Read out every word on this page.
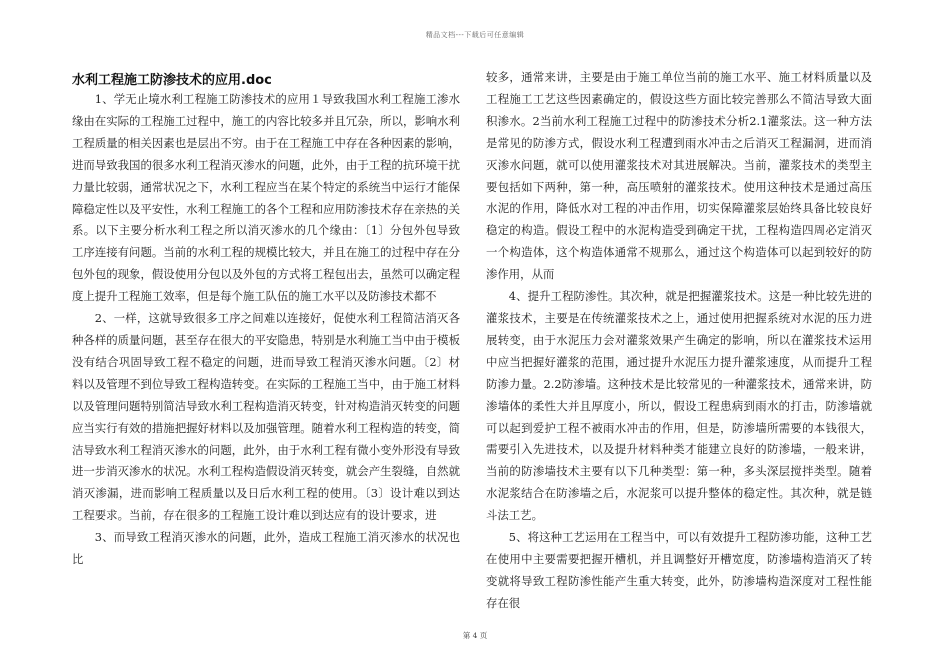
精品文档---下载后可任意编辑
水利工程施工防渗技术的应用.doc

1、学无止境水利工程施工防渗技术的应用１导致我国水利工程施工渗水缘由在实际的工程施工过程中，施工的内容比较多并且冗杂，所以，影响水利工程质量的相关因素也是层出不穷。由于在工程施工中存在各种因素的影响，进而导致我国的很多水利工程消灭渗水的问题，此外，由于工程的抗环境干扰力量比较弱，通常状况之下，水利工程应当在某个特定的系统当中运行才能保障稳定性以及平安性，水利工程施工的各个工程和应用防渗技术存在亲热的关系。以下主要分析水利工程之所以消灭渗水的几个缘由：〔1〕分包外包导致工序连接有问题。当前的水利工程的规模比较大，并且在施工的过程中存在分包外包的现象，假设使用分包以及外包的方式将工程包出去，虽然可以确定程度上提升工程施工效率，但是每个施工队伍的施工水平以及防渗技术都不

2、一样，这就导致很多工序之间难以连接好，促使水利工程简洁消灭各种各样的质量问题，甚至存在很大的平安隐患，特别是水利施工当中由于模板没有结合巩固导致工程不稳定的问题，进而导致工程消灭渗水问题。〔2〕材料以及管理不到位导致工程构造转变。在实际的工程施工当中，由于施工材料以及管理问题特别简洁导致水利工程构造消灭转变，针对构造消灭转变的问题应当实行有效的措施把握好材料以及加强管理。随着水利工程构造的转变，简洁导致水利工程消灭渗水的问题，此外，由于水利工程有微小变外形没有导致进一步消灭渗水的状况。水利工程构造假设消灭转变，就会产生裂缝，自然就消灭渗漏，进而影响工程质量以及日后水利工程的使用。〔3〕设计难以到达工程要求。当前，存在很多的工程施工设计难以到达应有的设计要求，进

3、而导致工程消灭渗水的问题，此外，造成工程施工消灭渗水的状况也比

较多，通常来讲，主要是由于施工单位当前的施工水平、施工材料质量以及工程施工工艺这些因素确定的，假设这些方面比较完善那么不简洁导致大面积渗水。2当前水利工程施工过程中的防渗技术分析2.1灌浆法。这一种方法是常见的防渗方式，假设水利工程遭到雨水冲击之后消灭工程漏洞，进而消灭渗水问题，就可以使用灌浆技术对其进展解决。当前，灌浆技术的类型主要包括如下两种，第一种，高压喷射的灌浆技术。使用这种技术是通过高压水泥的作用，降低水对工程的冲击作用，切实保障灌浆层始终具备比较良好稳定的构造。假设工程中的水泥构造受到确定干扰，工程构造四周必定消灭一个构造体，这个构造体通常不规那么，通过这个构造体可以起到较好的防渗作用，从而

4、提升工程防渗性。其次种，就是把握灌浆技术。这是一种比较先进的灌浆技术，主要是在传统灌浆技术之上，通过使用把握系统对水泥的压力进展转变，由于水泥压力会对灌浆效果产生确定的影响，所以在灌浆技术运用中应当把握好灌浆的范围，通过提升水泥压力提升灌浆速度，从而提升工程防渗力量。2.2防渗墙。这种技术是比较常见的一种灌浆技术，通常来讲，防渗墙体的柔性大并且厚度小，所以，假设工程患病到雨水的打击，防渗墙就可以起到爱护工程不被雨水冲击的作用，但是，防渗墙所需要的本钱很大，需要引入先进技术，以及提升材料种类才能建立良好的防渗墙，一般来讲，当前的防渗墙技术主要有以下几种类型：第一种，多头深层搅拌类型。随着水泥浆结合在防渗墙之后，水泥浆可以提升整体的稳定性。其次种，就是链斗法工艺。

5、将这种工艺运用在工程当中，可以有效提升工程防渗功能，这种工艺在使用中主要需要把握开槽机，并且调整好开槽宽度，防渗墙构造消灭了转变就将导致工程防渗性能产生重大转变，此外，防渗墙构造深度对工程性能存在很

第 4 页
